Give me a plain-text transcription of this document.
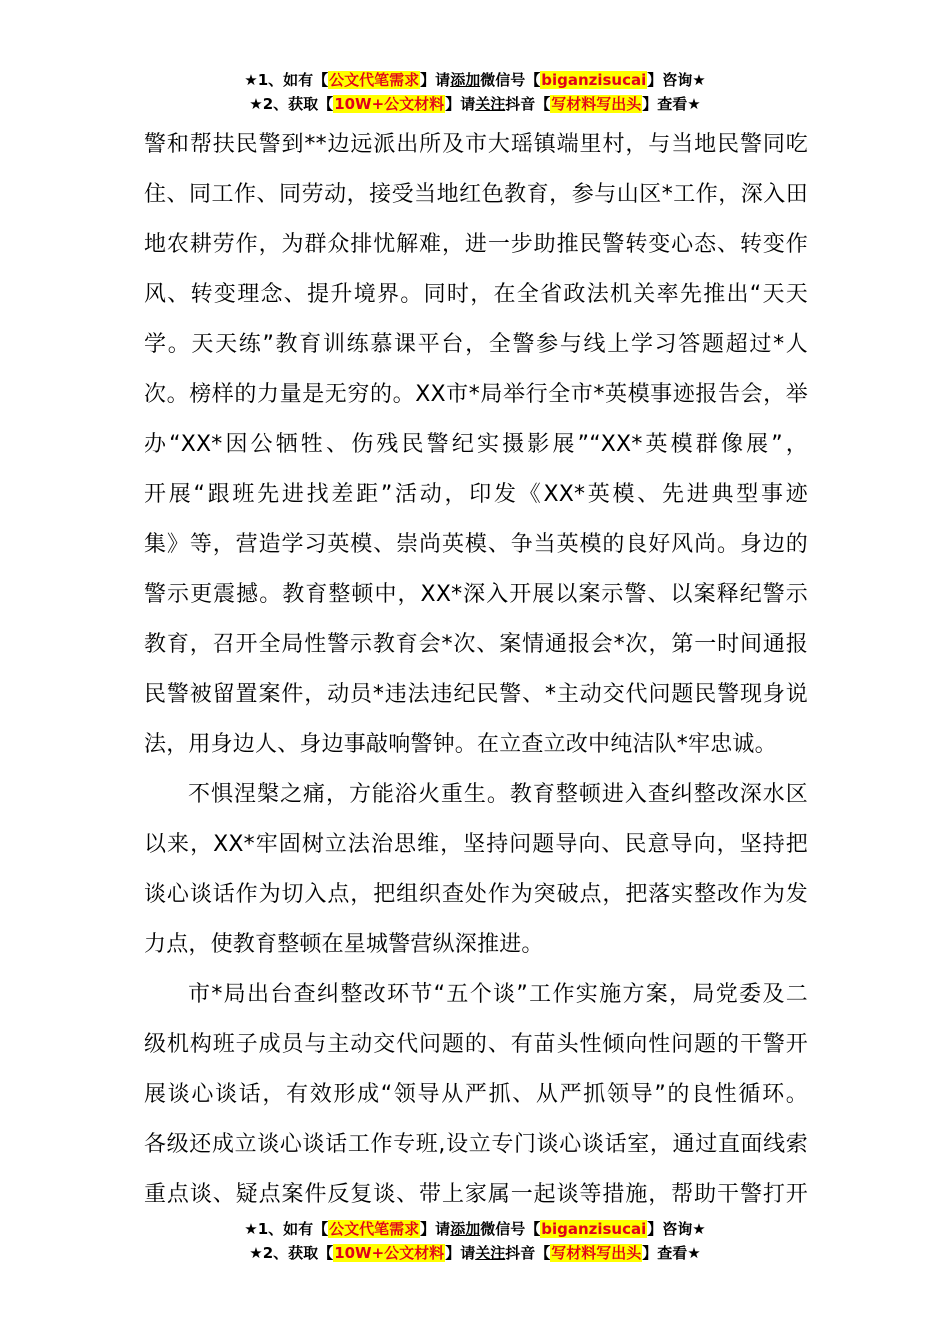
★1、如有【公文代笔需求】请添加微信号【biganzisucai】咨询★
★2、获取【10W+公文材料】请关注抖音【写材料写出头】查看★
警和帮扶民警到**边远派出所及市大瑶镇端里村，与当地民警同吃
住、同工作、同劳动，接受当地红色教育，参与山区*工作，深入田
地农耕劳作，为群众排忧解难，进一步助推民警转变心态、转变作
风、转变理念、提升境界。同时，在全省政法机关率先推出“天天
学。天天练”教育训练慕课平台，全警参与线上学习答题超过*人
次。榜样的力量是无穷的。XX市*局举行全市*英模事迹报告会，举
办“XX*因公牺牲、伤残民警纪实摄影展”“XX*英模群像展”，
开展“跟班先进找差距”活动，印发《XX*英模、先进典型事迹
集》等，营造学习英模、崇尚英模、争当英模的良好风尚。身边的
警示更震撼。教育整顿中，XX*深入开展以案示警、以案释纪警示
教育，召开全局性警示教育会*次、案情通报会*次，第一时间通报
民警被留置案件，动员*违法违纪民警、*主动交代问题民警现身说
法，用身边人、身边事敲响警钟。在立查立改中纯洁队*牢忠诚。
不惧涅槃之痛，方能浴火重生。教育整顿进入查纠整改深水区
以来，XX*牢固树立法治思维，坚持问题导向、民意导向，坚持把
谈心谈话作为切入点，把组织查处作为突破点，把落实整改作为发
力点，使教育整顿在星城警营纵深推进。
市*局出台查纠整改环节“五个谈”工作实施方案，局党委及二
级机构班子成员与主动交代问题的、有苗头性倾向性问题的干警开
展谈心谈话，有效形成“领导从严抓、从严抓领导”的良性循环。
各级还成立谈心谈话工作专班,设立专门谈心谈话室，通过直面线索
重点谈、疑点案件反复谈、带上家属一起谈等措施，帮助干警打开
★1、如有【公文代笔需求】请添加微信号【biganzisucai】咨询★
★2、获取【10W+公文材料】请关注抖音【写材料写出头】查看★
